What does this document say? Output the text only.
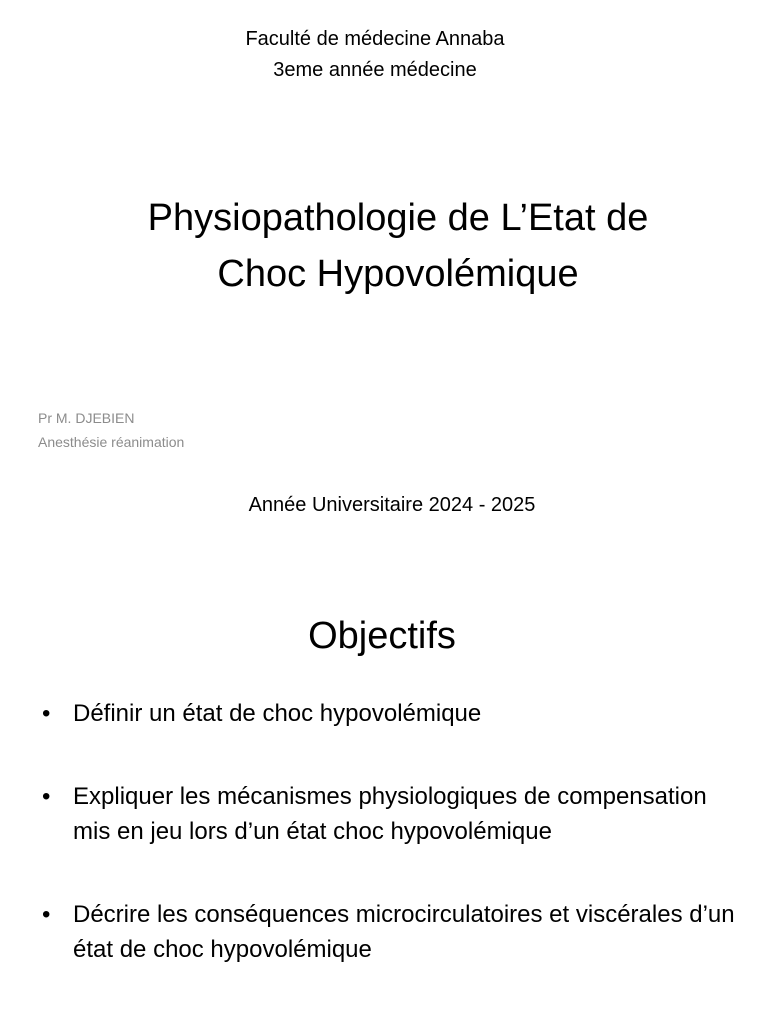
Faculté de médecine Annaba
3eme année médecine
Physiopathologie de L’Etat de
Choc Hypovolémique
Pr M. DJEBIEN
Anesthésie réanimation
Année Universitaire 2024 - 2025
Objectifs
• Définir un état de choc hypovolémique
• Expliquer les mécanismes physiologiques de compensation mis en jeu lors d’un état choc hypovolémique
• Décrire les conséquences microcirculatoires et viscérales d’un état de choc hypovolémique
